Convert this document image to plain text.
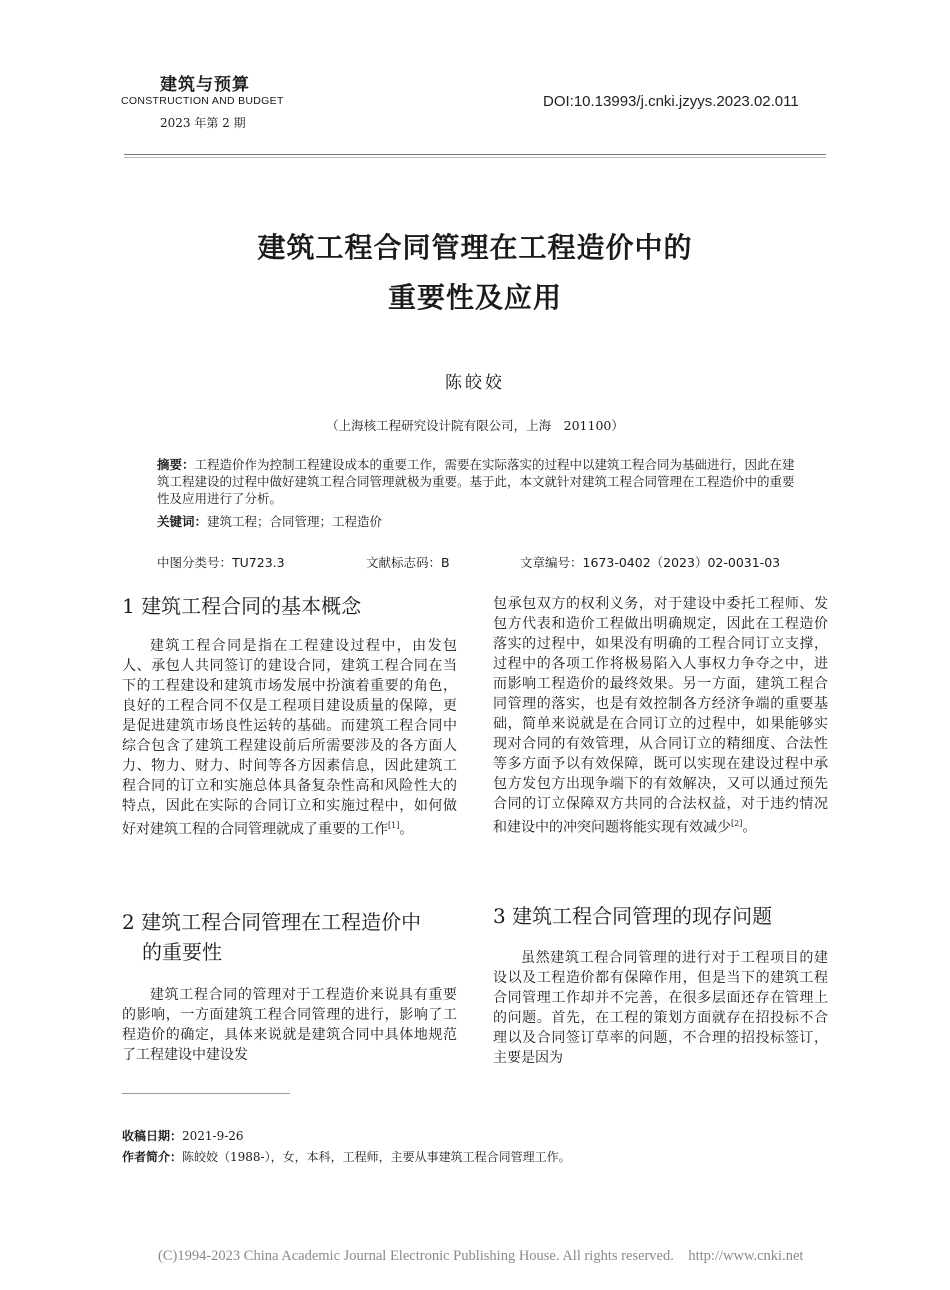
建筑与预算
CONSTRUCTION AND BUDGET
2023 年第 2 期
DOI:10.13993/j.cnki.jzyys.2023.02.011
建筑工程合同管理在工程造价中的
重要性及应用
陈皎姣
（上海核工程研究设计院有限公司，上海　201100）
摘要：工程造价作为控制工程建设成本的重要工作，需要在实际落实的过程中以建筑工程合同为基础进行，因此在建筑工程建设的过程中做好建筑工程合同管理就极为重要。基于此，本文就针对建筑工程合同管理在工程造价中的重要性及应用进行了分析。
关键词：建筑工程；合同管理；工程造价
中图分类号：TU723.3	文献标志码：B	文章编号：1673-0402（2023）02-0031-03
1 建筑工程合同的基本概念
建筑工程合同是指在工程建设过程中，由发包人、承包人共同签订的建设合同，建筑工程合同在当下的工程建设和建筑市场发展中扮演着重要的角色，良好的工程合同不仅是工程项目建设质量的保障，更是促进建筑市场良性运转的基础。而建筑工程合同中综合包含了建筑工程建设前后所需要涉及的各方面人力、物力、财力、时间等各方因素信息，因此建筑工程合同的订立和实施总体具备复杂性高和风险性大的特点，因此在实际的合同订立和实施过程中，如何做好对建筑工程的合同管理就成了重要的工作[1]。
2 建筑工程合同管理在工程造价中
的重要性
建筑工程合同的管理对于工程造价来说具有重要的影响，一方面建筑工程合同管理的进行，影响了工程造价的确定，具体来说就是建筑合同中具体地规范了工程建设中建设发
包承包双方的权利义务，对于建设中委托工程师、发包方代表和造价工程做出明确规定，因此在工程造价落实的过程中，如果没有明确的工程合同订立支撑，过程中的各项工作将极易陷入人事权力争夺之中，进而影响工程造价的最终效果。另一方面，建筑工程合同管理的落实，也是有效控制各方经济争端的重要基础，简单来说就是在合同订立的过程中，如果能够实现对合同的有效管理，从合同订立的精细度、合法性等多方面予以有效保障，既可以实现在建设过程中承包方发包方出现争端下的有效解决，又可以通过预先合同的订立保障双方共同的合法权益，对于违约情况和建设中的冲突问题将能实现有效减少[2]。
3 建筑工程合同管理的现存问题
虽然建筑工程合同管理的进行对于工程项目的建设以及工程造价都有保障作用，但是当下的建筑工程合同管理工作却并不完善，在很多层面还存在管理上的问题。首先，在工程的策划方面就存在招投标不合理以及合同签订草率的问题，不合理的招投标签订，主要是因为
收稿日期：2021-9-26
作者简介：陈皎姣（1988-），女，本科，工程师，主要从事建筑工程合同管理工作。
(C)1994-2023 China Academic Journal Electronic Publishing House. All rights reserved.　http://www.cnki.net
